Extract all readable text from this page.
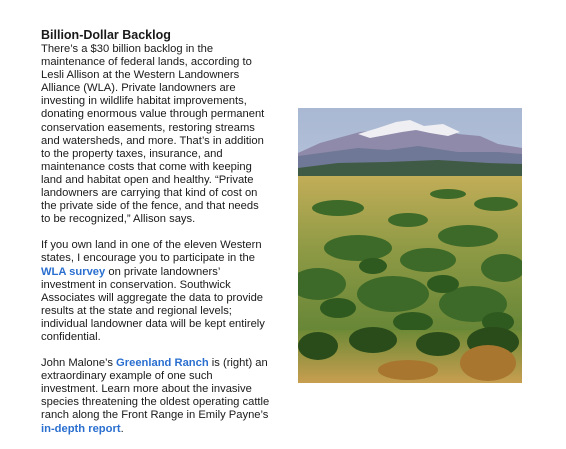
Billion-Dollar Backlog
There’s a $30 billion backlog in the maintenance of federal lands, according to Lesli Allison at the Western Landowners Alliance (WLA). Private landowners are investing in wildlife habitat improvements, donating enormous value through permanent conservation easements, restoring streams and watersheds, and more. That’s in addition to the property taxes, insurance, and maintenance costs that come with keeping land and habitat open and healthy. “Private landowners are carrying that kind of cost on the private side of the fence, and that needs to be recognized,” Allison says.
If you own land in one of the eleven Western states, I encourage you to participate in the WLA survey on private landowners’ investment in conservation. Southwick Associates will aggregate the data to provide results at the state and regional levels; individual landowner data will be kept entirely confidential.
John Malone’s Greenland Ranch is (right) an extraordinary example of one such investment. Learn more about the invasive species threatening the oldest operating cattle ranch along the Front Range in Emily Payne’s in-depth report.
